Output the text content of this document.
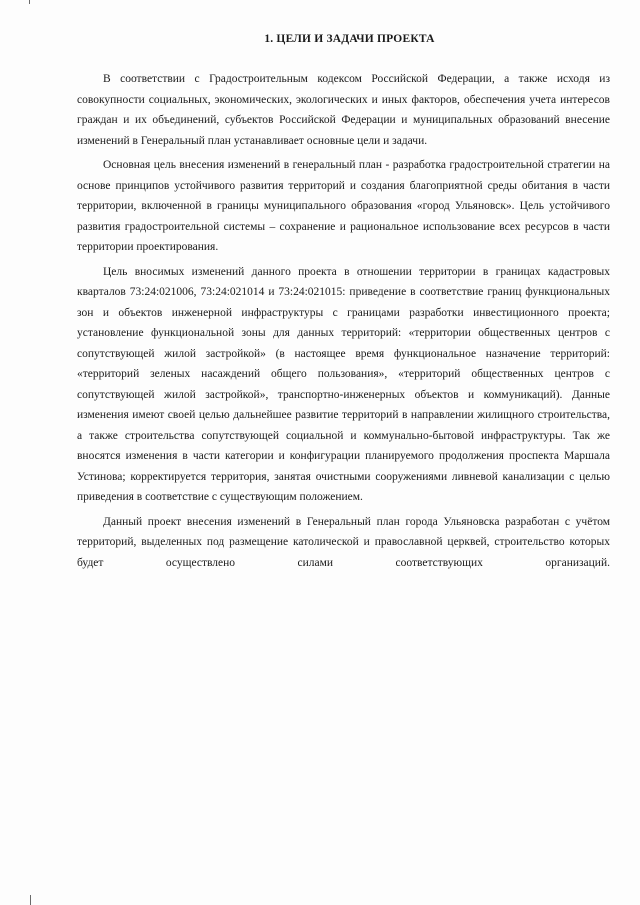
1. ЦЕЛИ И ЗАДАЧИ ПРОЕКТА

В соответствии с Градостроительным кодексом Российской Федерации, а также исходя из совокупности социальных, экономических, экологических и иных факторов, обеспечения учета интересов граждан и их объединений, субъектов Российской Федерации и муниципальных образований внесение изменений в Генеральный план устанавливает основные цели и задачи.

Основная цель внесения изменений в генеральный план - разработка градостроительной стратегии на основе принципов устойчивого развития территорий и создания благоприятной среды обитания в части территории, включенной в границы муниципального образования «город Ульяновск». Цель устойчивого развития градостроительной системы – сохранение и рациональное использование всех ресурсов в части территории проектирования.

Цель вносимых изменений данного проекта в отношении территории в границах кадастровых кварталов 73:24:021006, 73:24:021014 и 73:24:021015: приведение в соответствие границ функциональных зон и объектов инженерной инфраструктуры с границами разработки инвестиционного проекта; установление функциональной зоны для данных территорий: «территории общественных центров с сопутствующей жилой застройкой» (в настоящее время функциональное назначение территорий: «территорий зеленых насаждений общего пользования», «территорий общественных центров с сопутствующей жилой застройкой», транспортно-инженерных объектов и коммуникаций). Данные изменения имеют своей целью дальнейшее развитие территорий в направлении жилищного строительства, а также строительства сопутствующей социальной и коммунально-бытовой инфраструктуры. Так же вносятся изменения в части категории и конфигурации планируемого продолжения проспекта Маршала Устинова; корректируется территория, занятая очистными сооружениями ливневой канализации с целью приведения в соответствие с существующим положением.

Данный проект внесения изменений в Генеральный план города Ульяновска разработан с учётом территорий, выделенных под размещение католической и православной церквей, строительство которых будет осуществлено силами соответствующих организаций.
